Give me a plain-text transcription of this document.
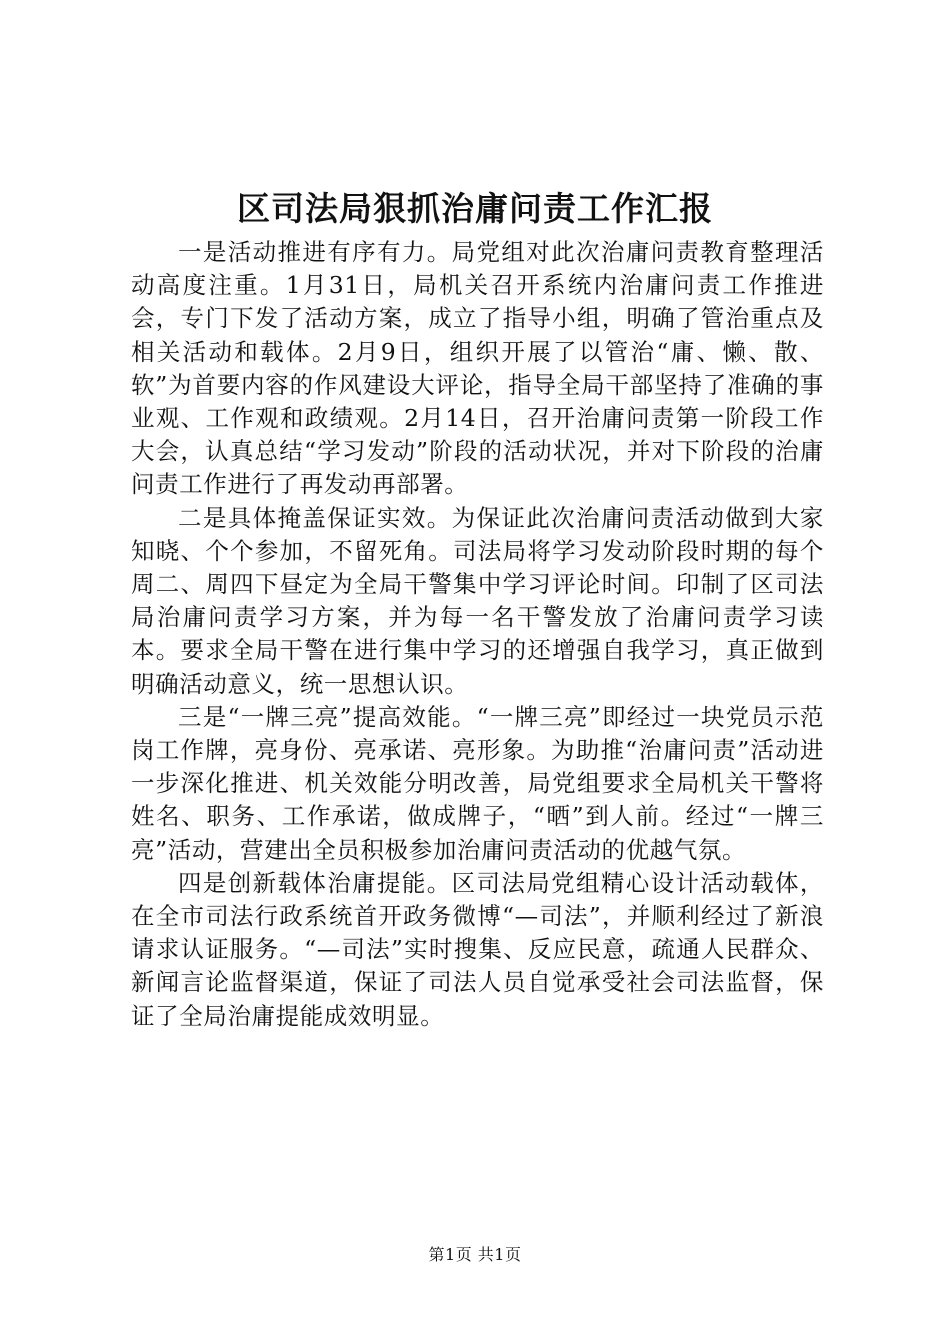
区司法局狠抓治庸问责工作汇报

一是活动推进有序有力。局党组对此次治庸问责教育整理活动高度注重。1月31日，局机关召开系统内治庸问责工作推进会，专门下发了活动方案，成立了指导小组，明确了管治重点及相关活动和载体。2月9日，组织开展了以管治“庸、懒、散、软”为首要内容的作风建设大评论，指导全局干部坚持了准确的事业观、工作观和政绩观。2月14日，召开治庸问责第一阶段工作大会，认真总结“学习发动”阶段的活动状况，并对下阶段的治庸问责工作进行了再发动再部署。

二是具体掩盖保证实效。为保证此次治庸问责活动做到大家知晓、个个参加，不留死角。司法局将学习发动阶段时期的每个周二、周四下昼定为全局干警集中学习评论时间。印制了区司法局治庸问责学习方案，并为每一名干警发放了治庸问责学习读本。要求全局干警在进行集中学习的还增强自我学习，真正做到明确活动意义，统一思想认识。

三是“一牌三亮”提高效能。“一牌三亮”即经过一块党员示范岗工作牌，亮身份、亮承诺、亮形象。为助推“治庸问责”活动进一步深化推进、机关效能分明改善，局党组要求全局机关干警将姓名、职务、工作承诺，做成牌子，“晒”到人前。经过“一牌三亮”活动，营建出全员积极参加治庸问责活动的优越气氛。

四是创新载体治庸提能。区司法局党组精心设计活动载体，在全市司法行政系统首开政务微博“—司法”，并顺利经过了新浪请求认证服务。“—司法”实时搜集、反应民意，疏通人民群众、新闻言论监督渠道，保证了司法人员自觉承受社会司法监督，保证了全局治庸提能成效明显。

第1页 共1页
